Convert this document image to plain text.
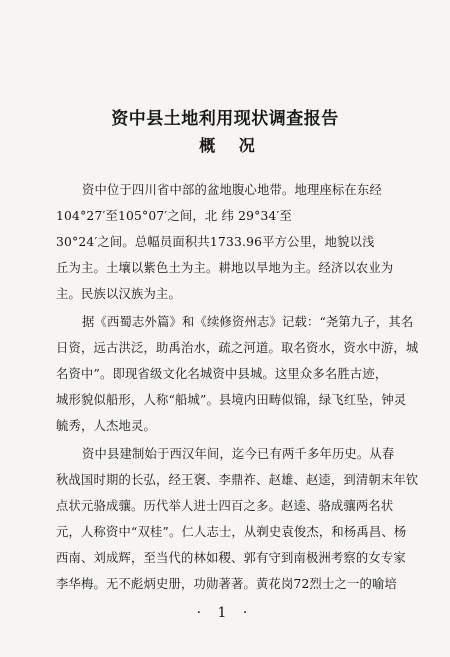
资中县土地利用现状调查报告
概 况
资中位于四川省中部的盆地腹心地带。地理座标在东经
104°27′至105°07′之间，北 纬 29°34′至
30°24′之间。总幅员面积共1733.96平方公里，地貌以浅
丘为主。土壤以紫色土为主。耕地以旱地为主。经济以农业为
主。民族以汉族为主。
据《西蜀志外篇》和《续修资州志》记载：“尧第九子，其名
日资，远古洪泛，助禹治水，疏之河道。取名资水，资水中游，城
名资中”。即现省级文化名城资中县城。这里众多名胜古迹，
城形貌似船形，人称“船城”。县境内田畴似锦，绿飞红坠，钟灵
毓秀，人杰地灵。
资中县建制始于西汉年间，迄今已有两千多年历史。从春
秋战国时期的长弘，经王褒、李鼎祚、赵雄、赵逵，到清朝末年钦
点状元骆成骧。历代举人进士四百之多。赵逵、骆成骧两名状
元，人称资中“双桂”。仁人志士，从剃史袁俊杰，和杨禹昌、杨
西南、刘成辉，至当代的林如稷、郭有守到南极洲考察的女专家
李华梅。无不彪炳史册，功勋著著。黄花岗72烈士之一的喻培
· 1 ·
